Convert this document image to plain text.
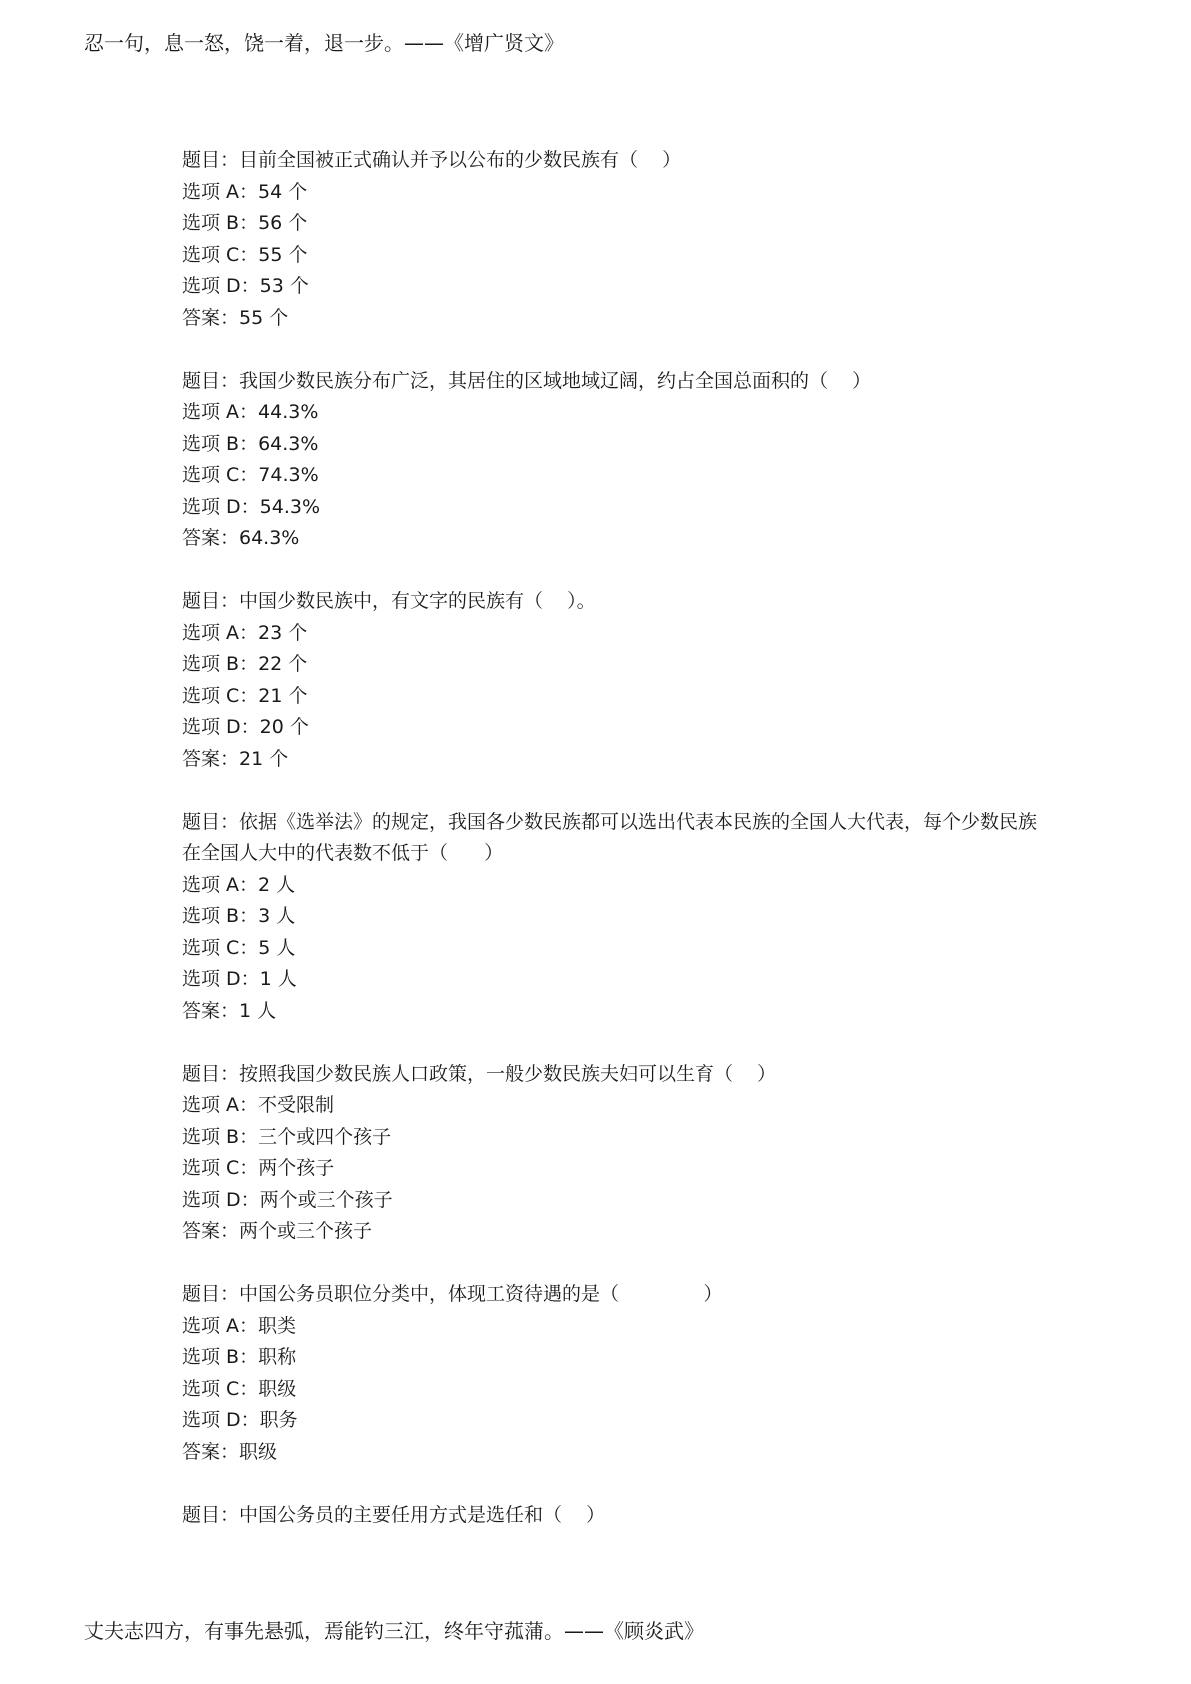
忍一句，息一怒，饶一着，退一步。——《增广贤文》
题目：目前全国被正式确认并予以公布的少数民族有（    ）
选项 A：54 个
选项 B：56 个
选项 C：55 个
选项 D：53 个
答案：55 个
题目：我国少数民族分布广泛，其居住的区域地域辽阔，约占全国总面积的（    ）
选项 A：44.3%
选项 B：64.3%
选项 C：74.3%
选项 D：54.3%
答案：64.3%
题目：中国少数民族中，有文字的民族有（    ）。
选项 A：23 个
选项 B：22 个
选项 C：21 个
选项 D：20 个
答案：21 个
题目：依据《选举法》的规定，我国各少数民族都可以选出代表本民族的全国人大代表，每个少数民族在全国人大中的代表数不低于（      ）
选项 A：2 人
选项 B：3 人
选项 C：5 人
选项 D：1 人
答案：1 人
题目：按照我国少数民族人口政策，一般少数民族夫妇可以生育（    ）
选项 A：不受限制
选项 B：三个或四个孩子
选项 C：两个孩子
选项 D：两个或三个孩子
答案：两个或三个孩子
题目：中国公务员职位分类中，体现工资待遇的是（              ）
选项 A：职类
选项 B：职称
选项 C：职级
选项 D：职务
答案：职级
题目：中国公务员的主要任用方式是选任和（    ）
丈夫志四方，有事先悬弧，焉能钓三江，终年守菰蒲。——《顾炎武》
